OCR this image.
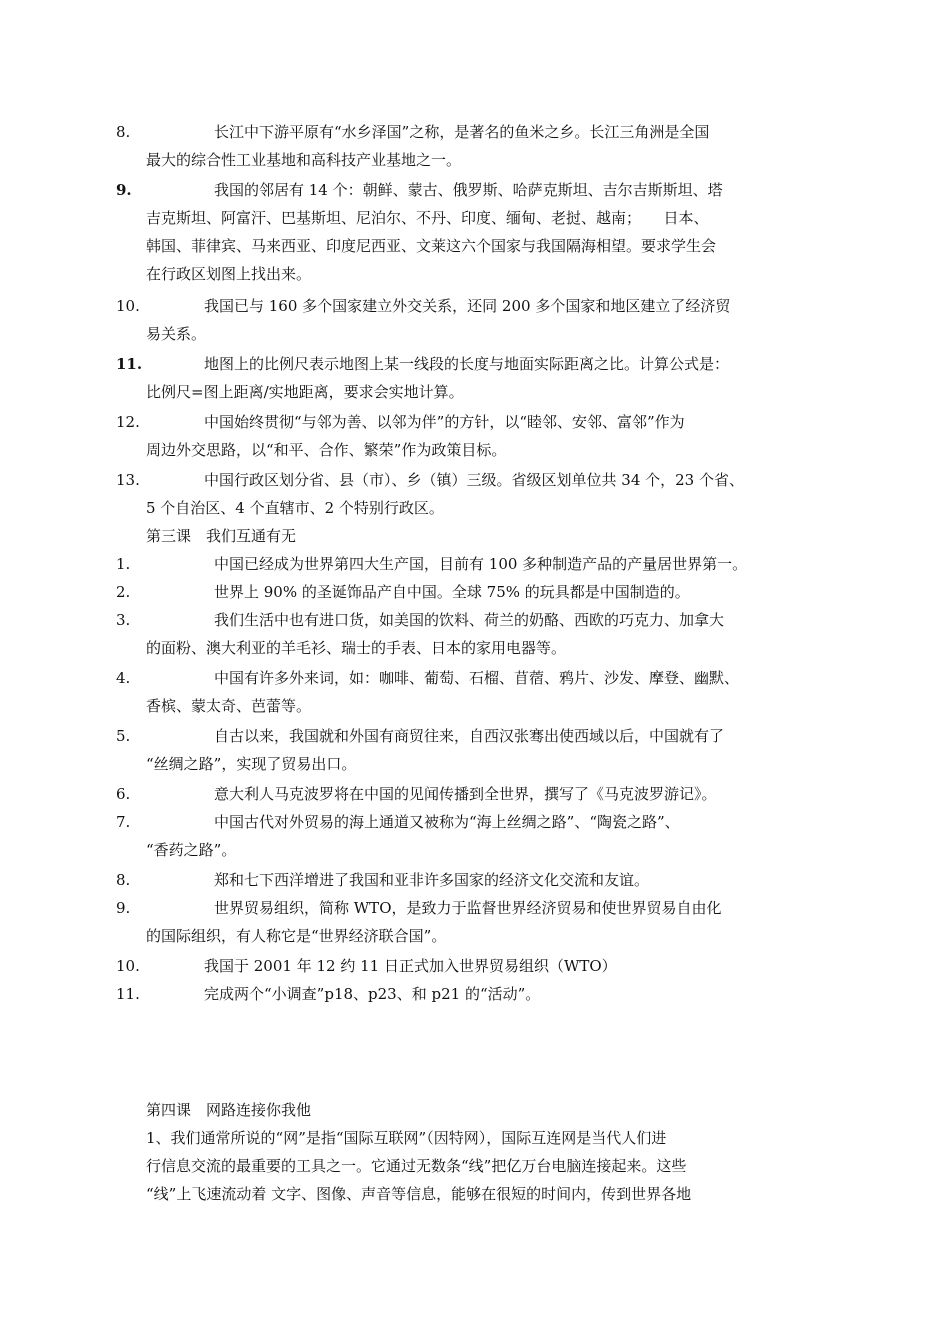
8.	长江中下游平原有“水乡泽国”之称，是著名的鱼米之乡。长江三角洲是全国
最大的综合性工业基地和高科技产业基地之一。
9.	我国的邻居有 14 个：朝鲜、蒙古、俄罗斯、哈萨克斯坦、吉尔吉斯斯坦、塔
吉克斯坦、阿富汗、巴基斯坦、尼泊尔、不丹、印度、缅甸、老挝、越南；　　日本、
韩国、菲律宾、马来西亚、印度尼西亚、文莱这六个国家与我国隔海相望。要求学生会
在行政区划图上找出来。
10.	我国已与 160 多个国家建立外交关系，还同 200 多个国家和地区建立了经济贸
易关系。
11.	地图上的比例尺表示地图上某一线段的长度与地面实际距离之比。计算公式是：
比例尺=图上距离/实地距离，要求会实地计算。
12.	中国始终贯彻“与邻为善、以邻为伴”的方针，以“睦邻、安邻、富邻”作为
周边外交思路，以“和平、合作、繁荣”作为政策目标。
13.	中国行政区划分省、县（市）、乡（镇）三级。省级区划单位共 34 个，23 个省、
5 个自治区、4 个直辖市、2 个特别行政区。
第三课　我们互通有无
1.	中国已经成为世界第四大生产国，目前有 100 多种制造产品的产量居世界第一。
2.	世界上 90% 的圣诞饰品产自中国。全球 75% 的玩具都是中国制造的。
3.	我们生活中也有进口货，如美国的饮料、荷兰的奶酪、西欧的巧克力、加拿大
的面粉、澳大利亚的羊毛衫、瑞士的手表、日本的家用电器等。
4.	中国有许多外来词，如：咖啡、葡萄、石榴、苜蓿、鸦片、沙发、摩登、幽默、
香槟、蒙太奇、芭蕾等。
5.	自古以来，我国就和外国有商贸往来，自西汉张骞出使西域以后，中国就有了
“丝绸之路”，实现了贸易出口。
6.	意大利人马克波罗将在中国的见闻传播到全世界，撰写了《马克波罗游记》。
7.	中国古代对外贸易的海上通道又被称为“海上丝绸之路”、“陶瓷之路”、
“香药之路”。
8.	郑和七下西洋增进了我国和亚非许多国家的经济文化交流和友谊。
9.	世界贸易组织，简称 WTO，是致力于监督世界经济贸易和使世界贸易自由化
的国际组织，有人称它是“世界经济联合国”。
10.	我国于 2001 年 12 约 11 日正式加入世界贸易组织（WTO）
11.	完成两个“小调查”p18、p23、和 p21 的“活动”。
第四课　网路连接你我他
1、我们通常所说的“网”是指“国际互联网”（因特网），国际互连网是当代人们进
行信息交流的最重要的工具之一。它通过无数条“线”把亿万台电脑连接起来。这些
“线”上飞速流动着 文字、图像、声音等信息，能够在很短的时间内，传到世界各地
